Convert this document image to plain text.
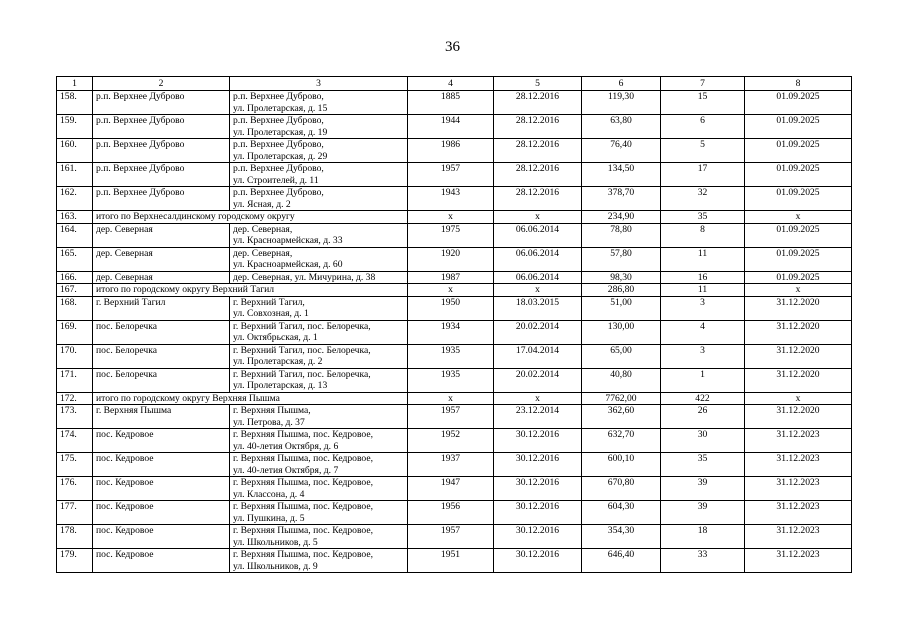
36
1	2	3	4	5	6	7	8
158.	р.п. Верхнее Дуброво	р.п. Верхнее Дуброво,
ул. Пролетарская, д. 15	1885	28.12.2016	119,30	15	01.09.2025
159.	р.п. Верхнее Дуброво	р.п. Верхнее Дуброво,
ул. Пролетарская, д. 19	1944	28.12.2016	63,80	6	01.09.2025
160.	р.п. Верхнее Дуброво	р.п. Верхнее Дуброво,
ул. Пролетарская, д. 29	1986	28.12.2016	76,40	5	01.09.2025
161.	р.п. Верхнее Дуброво	р.п. Верхнее Дуброво,
ул. Строителей, д. 11	1957	28.12.2016	134,50	17	01.09.2025
162.	р.п. Верхнее Дуброво	р.п. Верхнее Дуброво,
ул. Ясная, д. 2	1943	28.12.2016	378,70	32	01.09.2025
163.	итого по Верхнесалдинскому городскому округу		x	x	234,90	35	x
164.	дер. Северная	дер. Северная,
ул. Красноармейская, д. 33	1975	06.06.2014	78,80	8	01.09.2025
165.	дер. Северная	дер. Северная,
ул. Красноармейская, д. 60	1920	06.06.2014	57,80	11	01.09.2025
166.	дер. Северная	дер. Северная, ул. Мичурина, д. 38	1987	06.06.2014	98,30	16	01.09.2025
167.	итого по городскому округу Верхний Тагил		x	x	286,80	11	x
168.	г. Верхний Тагил	г. Верхний Тагил,
ул. Совхозная, д. 1	1950	18.03.2015	51,00	3	31.12.2020
169.	пос. Белоречка	г. Верхний Тагил, пос. Белоречка,
ул. Октябрьская, д. 1	1934	20.02.2014	130,00	4	31.12.2020
170.	пос. Белоречка	г. Верхний Тагил, пос. Белоречка,
ул. Пролетарская, д. 2	1935	17.04.2014	65,00	3	31.12.2020
171.	пос. Белоречка	г. Верхний Тагил, пос. Белоречка,
ул. Пролетарская, д. 13	1935	20.02.2014	40,80	1	31.12.2020
172.	итого по городскому округу Верхняя Пышма		x	x	7762,00	422	x
173.	г. Верхняя Пышма	г. Верхняя Пышма,
ул. Петрова, д. 37	1957	23.12.2014	362,60	26	31.12.2020
174.	пос. Кедровое	г. Верхняя Пышма, пос. Кедровое,
ул. 40-летия Октября, д. 6	1952	30.12.2016	632,70	30	31.12.2023
175.	пос. Кедровое	г. Верхняя Пышма, пос. Кедровое,
ул. 40-летия Октября, д. 7	1937	30.12.2016	600,10	35	31.12.2023
176.	пос. Кедровое	г. Верхняя Пышма, пос. Кедровое,
ул. Классона, д. 4	1947	30.12.2016	670,80	39	31.12.2023
177.	пос. Кедровое	г. Верхняя Пышма, пос. Кедровое,
ул. Пушкина, д. 5	1956	30.12.2016	604,30	39	31.12.2023
178.	пос. Кедровое	г. Верхняя Пышма, пос. Кедровое,
ул. Школьников, д. 5	1957	30.12.2016	354,30	18	31.12.2023
179.	пос. Кедровое	г. Верхняя Пышма, пос. Кедровое,
ул. Школьников, д. 9	1951	30.12.2016	646,40	33	31.12.2023
